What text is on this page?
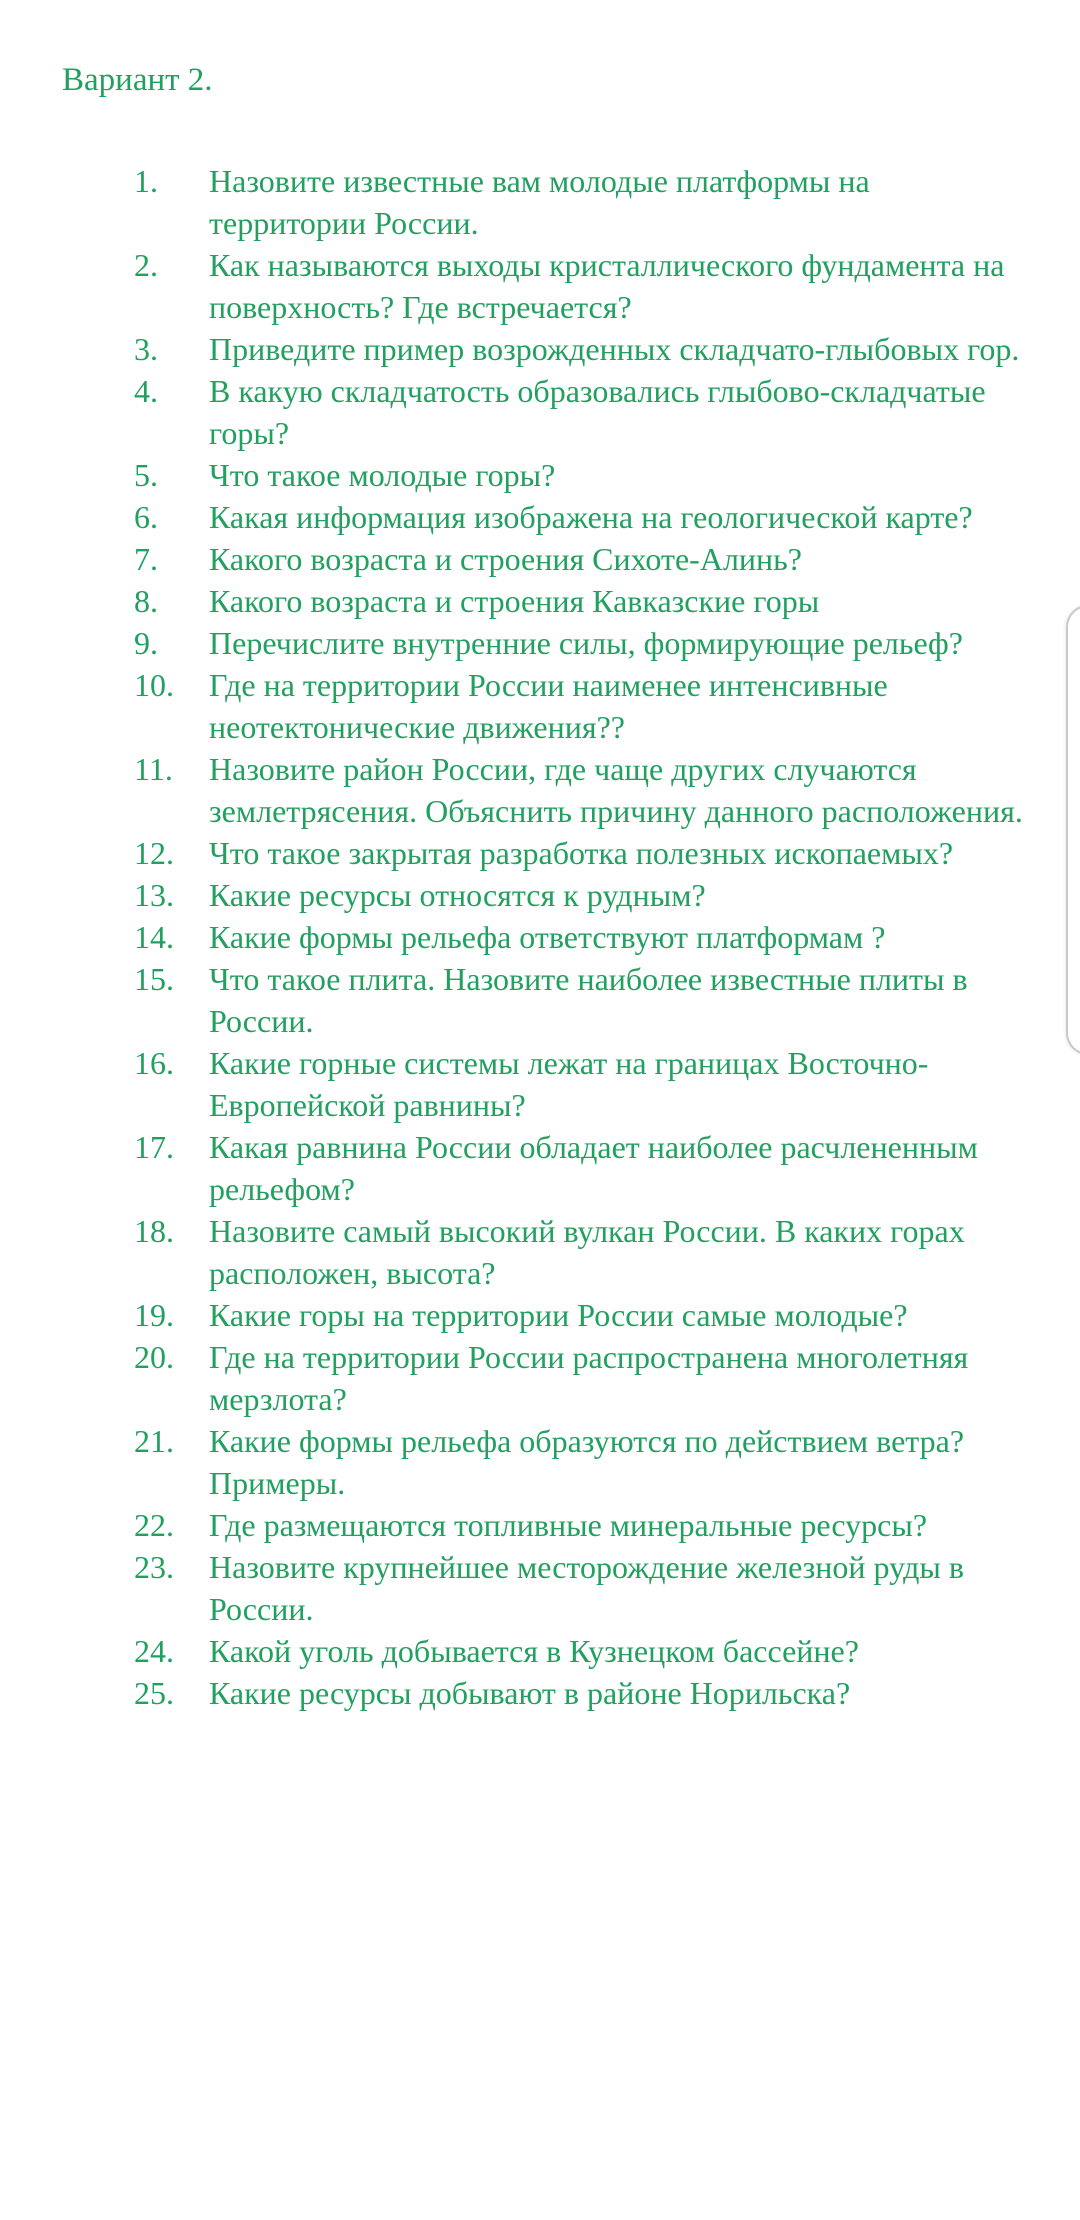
Вариант 2.
1.	Назовите известные вам молодые платформы на территории России.
2.	Как называются выходы кристаллического фундамента на поверхность? Где встречается?
3.	Приведите пример возрожденных складчато-глыбовых гор.
4.	В какую складчатость образовались глыбово-складчатые горы?
5.	Что такое молодые горы?
6.	Какая информация изображена на геологической карте?
7.	Какого возраста и строения Сихоте-Алинь?
8.	Какого возраста и строения Кавказские горы
9.	Перечислите внутренние силы, формирующие рельеф?
10.	Где на территории России наименее интенсивные неотектонические движения??
11.	Назовите район России, где чаще других случаются землетрясения. Объяснить причину данного расположения.
12.	Что такое закрытая разработка полезных ископаемых?
13.	Какие ресурсы относятся к рудным?
14.	Какие формы рельефа ответствуют платформам ?
15.	Что такое плита. Назовите наиболее известные плиты в России.
16.	Какие горные системы лежат на границах Восточно-Европейской равнины?
17.	Какая равнина России обладает наиболее расчлененным рельефом?
18.	Назовите самый высокий вулкан России. В каких горах расположен, высота?
19.	Какие горы на территории России самые молодые?
20.	Где на территории России распространена многолетняя мерзлота?
21.	Какие формы рельефа образуются по действием ветра? Примеры.
22.	Где размещаются топливные минеральные ресурсы?
23.	Назовите крупнейшее месторождение железной руды в России.
24.	Какой уголь добывается в Кузнецком бассейне?
25.	Какие ресурсы добывают в районе Норильска?
